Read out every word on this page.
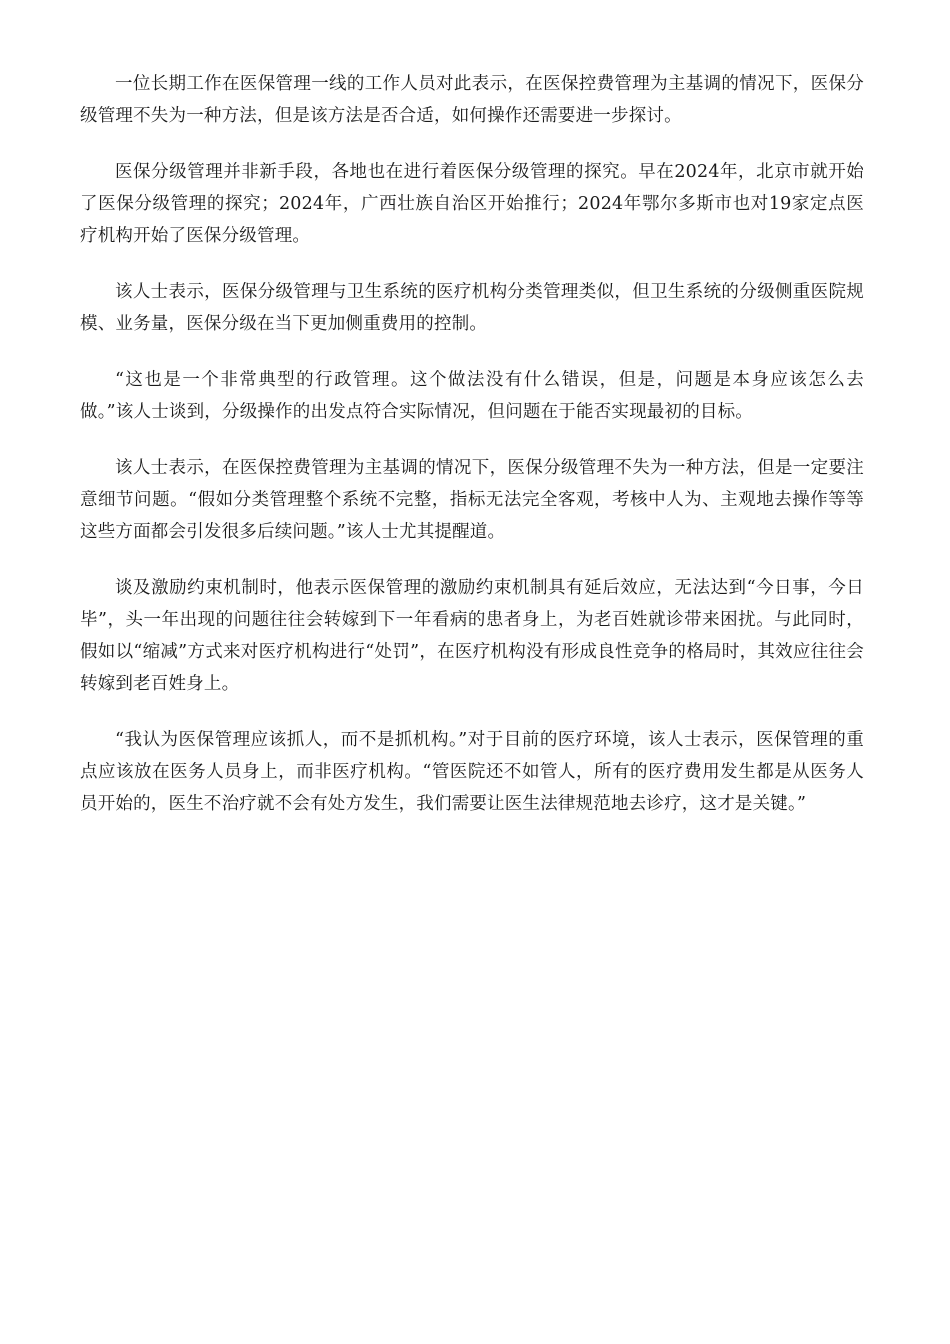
一位长期工作在医保管理一线的工作人员对此表示，在医保控费管理为主基调的情况下，医保分级管理不失为一种方法，但是该方法是否合适，如何操作还需要进一步探讨。

医保分级管理并非新手段，各地也在进行着医保分级管理的探究。早在2024年，北京市就开始了医保分级管理的探究；2024年，广西壮族自治区开始推行；2024年鄂尔多斯市也对19家定点医疗机构开始了医保分级管理。

该人士表示，医保分级管理与卫生系统的医疗机构分类管理类似，但卫生系统的分级侧重医院规模、业务量，医保分级在当下更加侧重费用的控制。

“这也是一个非常典型的行政管理。这个做法没有什么错误，但是，问题是本身应该怎么去做。”该人士谈到，分级操作的出发点符合实际情况，但问题在于能否实现最初的目标。

该人士表示，在医保控费管理为主基调的情况下，医保分级管理不失为一种方法，但是一定要注意细节问题。“假如分类管理整个系统不完整，指标无法完全客观，考核中人为、主观地去操作等等这些方面都会引发很多后续问题。”该人士尤其提醒道。

谈及激励约束机制时，他表示医保管理的激励约束机制具有延后效应，无法达到“今日事，今日毕”，头一年出现的问题往往会转嫁到下一年看病的患者身上，为老百姓就诊带来困扰。与此同时，假如以“缩减”方式来对医疗机构进行“处罚”，在医疗机构没有形成良性竞争的格局时，其效应往往会转嫁到老百姓身上。

“我认为医保管理应该抓人，而不是抓机构。”对于目前的医疗环境，该人士表示，医保管理的重点应该放在医务人员身上，而非医疗机构。“管医院还不如管人，所有的医疗费用发生都是从医务人员开始的，医生不治疗就不会有处方发生，我们需要让医生法律规范地去诊疗，这才是关键。”
